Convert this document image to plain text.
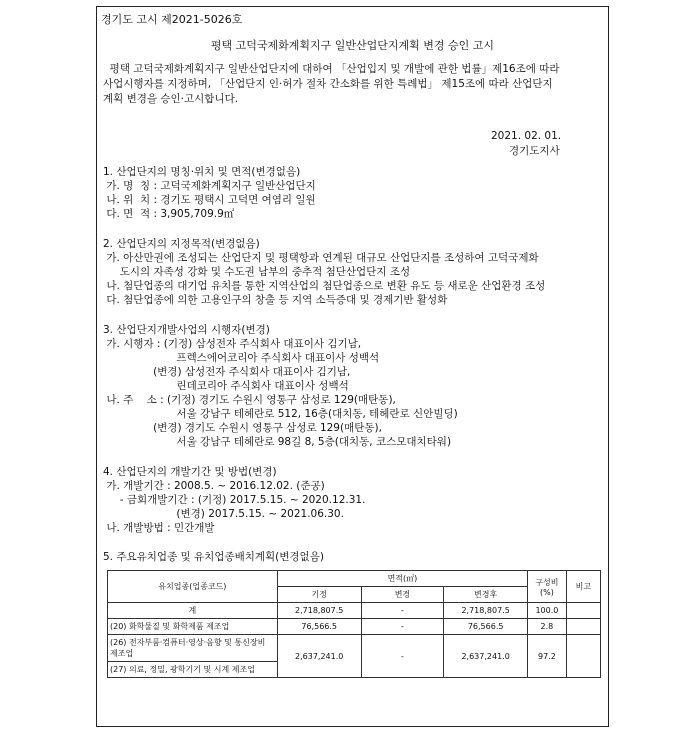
경기도 고시 제2021-5026호
평택 고덕국제화계획지구 일반산업단지계획 변경 승인 고시
평택 고덕국제화계획지구 일반산업단지에 대하여 「산업입지 및 개발에 관한 법률」제16조에 따라
사업시행자를 지정하며, 「산업단지 인·허가 절차 간소화를 위한 특례법」 제15조에 따라 산업단지
계획 변경을 승인·고시합니다.
2021. 02. 01.
경기도지사
1. 산업단지의 명칭·위치 및 면적(변경없음)
가. 명  칭 : 고덕국제화계획지구 일반산업단지
나. 위  치 : 경기도 평택시 고덕면 여염리 일원
다. 면  적 : 3,905,709.9㎡
2. 산업단지의 지정목적(변경없음)
가. 아산만권에 조성되는 산업단지 및 평택항과 연계된 대규모 산업단지를 조성하여 고덕국제화
도시의 자족성 강화 및 수도권 남부의 중추적 첨단산업단지 조성
나. 첨단업종의 대기업 유치를 통한 지역산업의 첨단업종으로 변환 유도 등 새로운 산업환경 조성
다. 첨단업종에 의한 고용인구의 창출 등 지역 소득증대 및 경제기반 활성화
3. 산업단지개발사업의 시행자(변경)
가. 시행자 : (기정) 삼성전자 주식회사 대표이사 김기남,
프렉스에어코리아 주식회사 대표이사 성백석
(변경) 삼성전자 주식회사 대표이사 김기남,
린데코리아 주식회사 대표이사 성백석
나. 주    소 : (기정) 경기도 수원시 영통구 삼성로 129(매탄동),
서울 강남구 테헤란로 512, 16층(대치동, 테헤란로 신안빌딩)
(변경) 경기도 수원시 영통구 삼성로 129(매탄동),
서울 강남구 테헤란로 98길 8, 5층(대치동, 코스모대치타워)
4. 산업단지의 개발기간 및 방법(변경)
가. 개발기간 : 2008.5. ~ 2016.12.02. (준공)
- 금회개발기간 : (기정) 2017.5.15. ~ 2020.12.31.
(변경) 2017.5.15. ~ 2021.06.30.
나. 개발방법 : 민간개발
5. 주요유치업종 및 유치업종배치계획(변경없음)
유치업종(업종코드)	면적(㎡)			구성비(%)	비고
	기정	변경	변경후		
계	2,718,807.5	-	2,718,807.5	100.0	
(20) 화학물질 및 화학제품 제조업	76,566.5	-	76,566.5	2.8	
(26) 전자부품·컴퓨터·영상·음향 및 통신장비 제조업	2,637,241.0	-	2,637,241.0	97.2	
(27) 의료, 정밀, 광학기기 및 시계 제조업					
